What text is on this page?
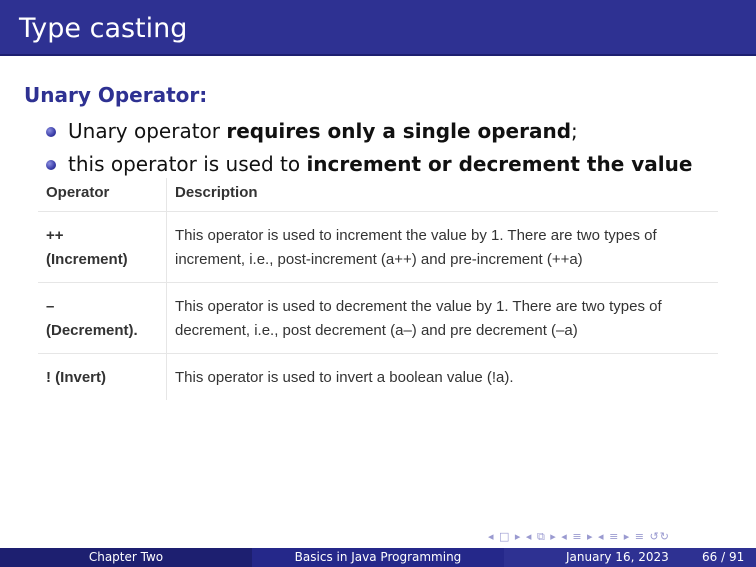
Type casting
Unary Operator:
Unary operator requires only a single operand;
this operator is used to increment or decrement the value
Operator	Description
++
(Increment)	This operator is used to increment the value by 1. There are two types of increment, i.e., post-increment (a++) and pre-increment (++a)
–
(Decrement).	This operator is used to decrement the value by 1. There are two types of decrement, i.e., post decrement (a–) and pre decrement (–a)
! (Invert)	This operator is used to invert a boolean value (!a).
◂ □ ▸ ◂ ⧉ ▸ ◂ ≡ ▸ ◂ ≡ ▸ ≡ ↺↻
Chapter Two	Basics in Java Programming	January 16, 2023	66 / 91
